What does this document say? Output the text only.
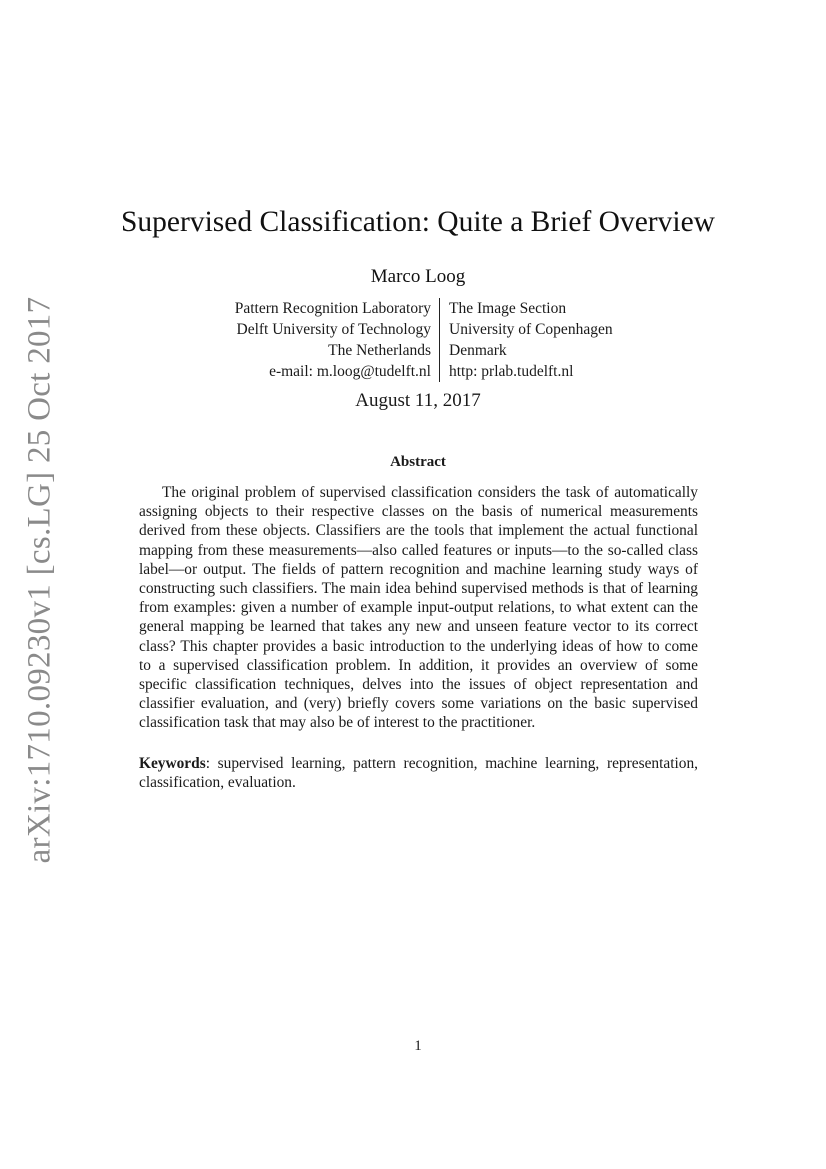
arXiv:1710.09230v1 [cs.LG] 25 Oct 2017
Supervised Classification: Quite a Brief Overview
Marco Loog
Pattern Recognition Laboratory
Delft University of Technology
The Netherlands
e-mail: m.loog@tudelft.nl
The Image Section
University of Copenhagen
Denmark
http: prlab.tudelft.nl
August 11, 2017
Abstract

The original problem of supervised classification considers the task of automatically assigning objects to their respective classes on the basis of numerical measurements derived from these objects. Classifiers are the tools that implement the actual functional mapping from these measurements—also called features or inputs—to the so-called class label—or output. The fields of pattern recognition and machine learning study ways of constructing such classifiers. The main idea behind supervised methods is that of learning from examples: given a number of example input-output relations, to what extent can the general mapping be learned that takes any new and unseen feature vector to its correct class? This chapter provides a basic introduction to the underlying ideas of how to come to a supervised classification problem. In addition, it provides an overview of some specific classification techniques, delves into the issues of object representation and classifier evaluation, and (very) briefly covers some variations on the basic supervised classification task that may also be of interest to the practitioner.

Keywords: supervised learning, pattern recognition, machine learning, representation, classification, evaluation.

1
